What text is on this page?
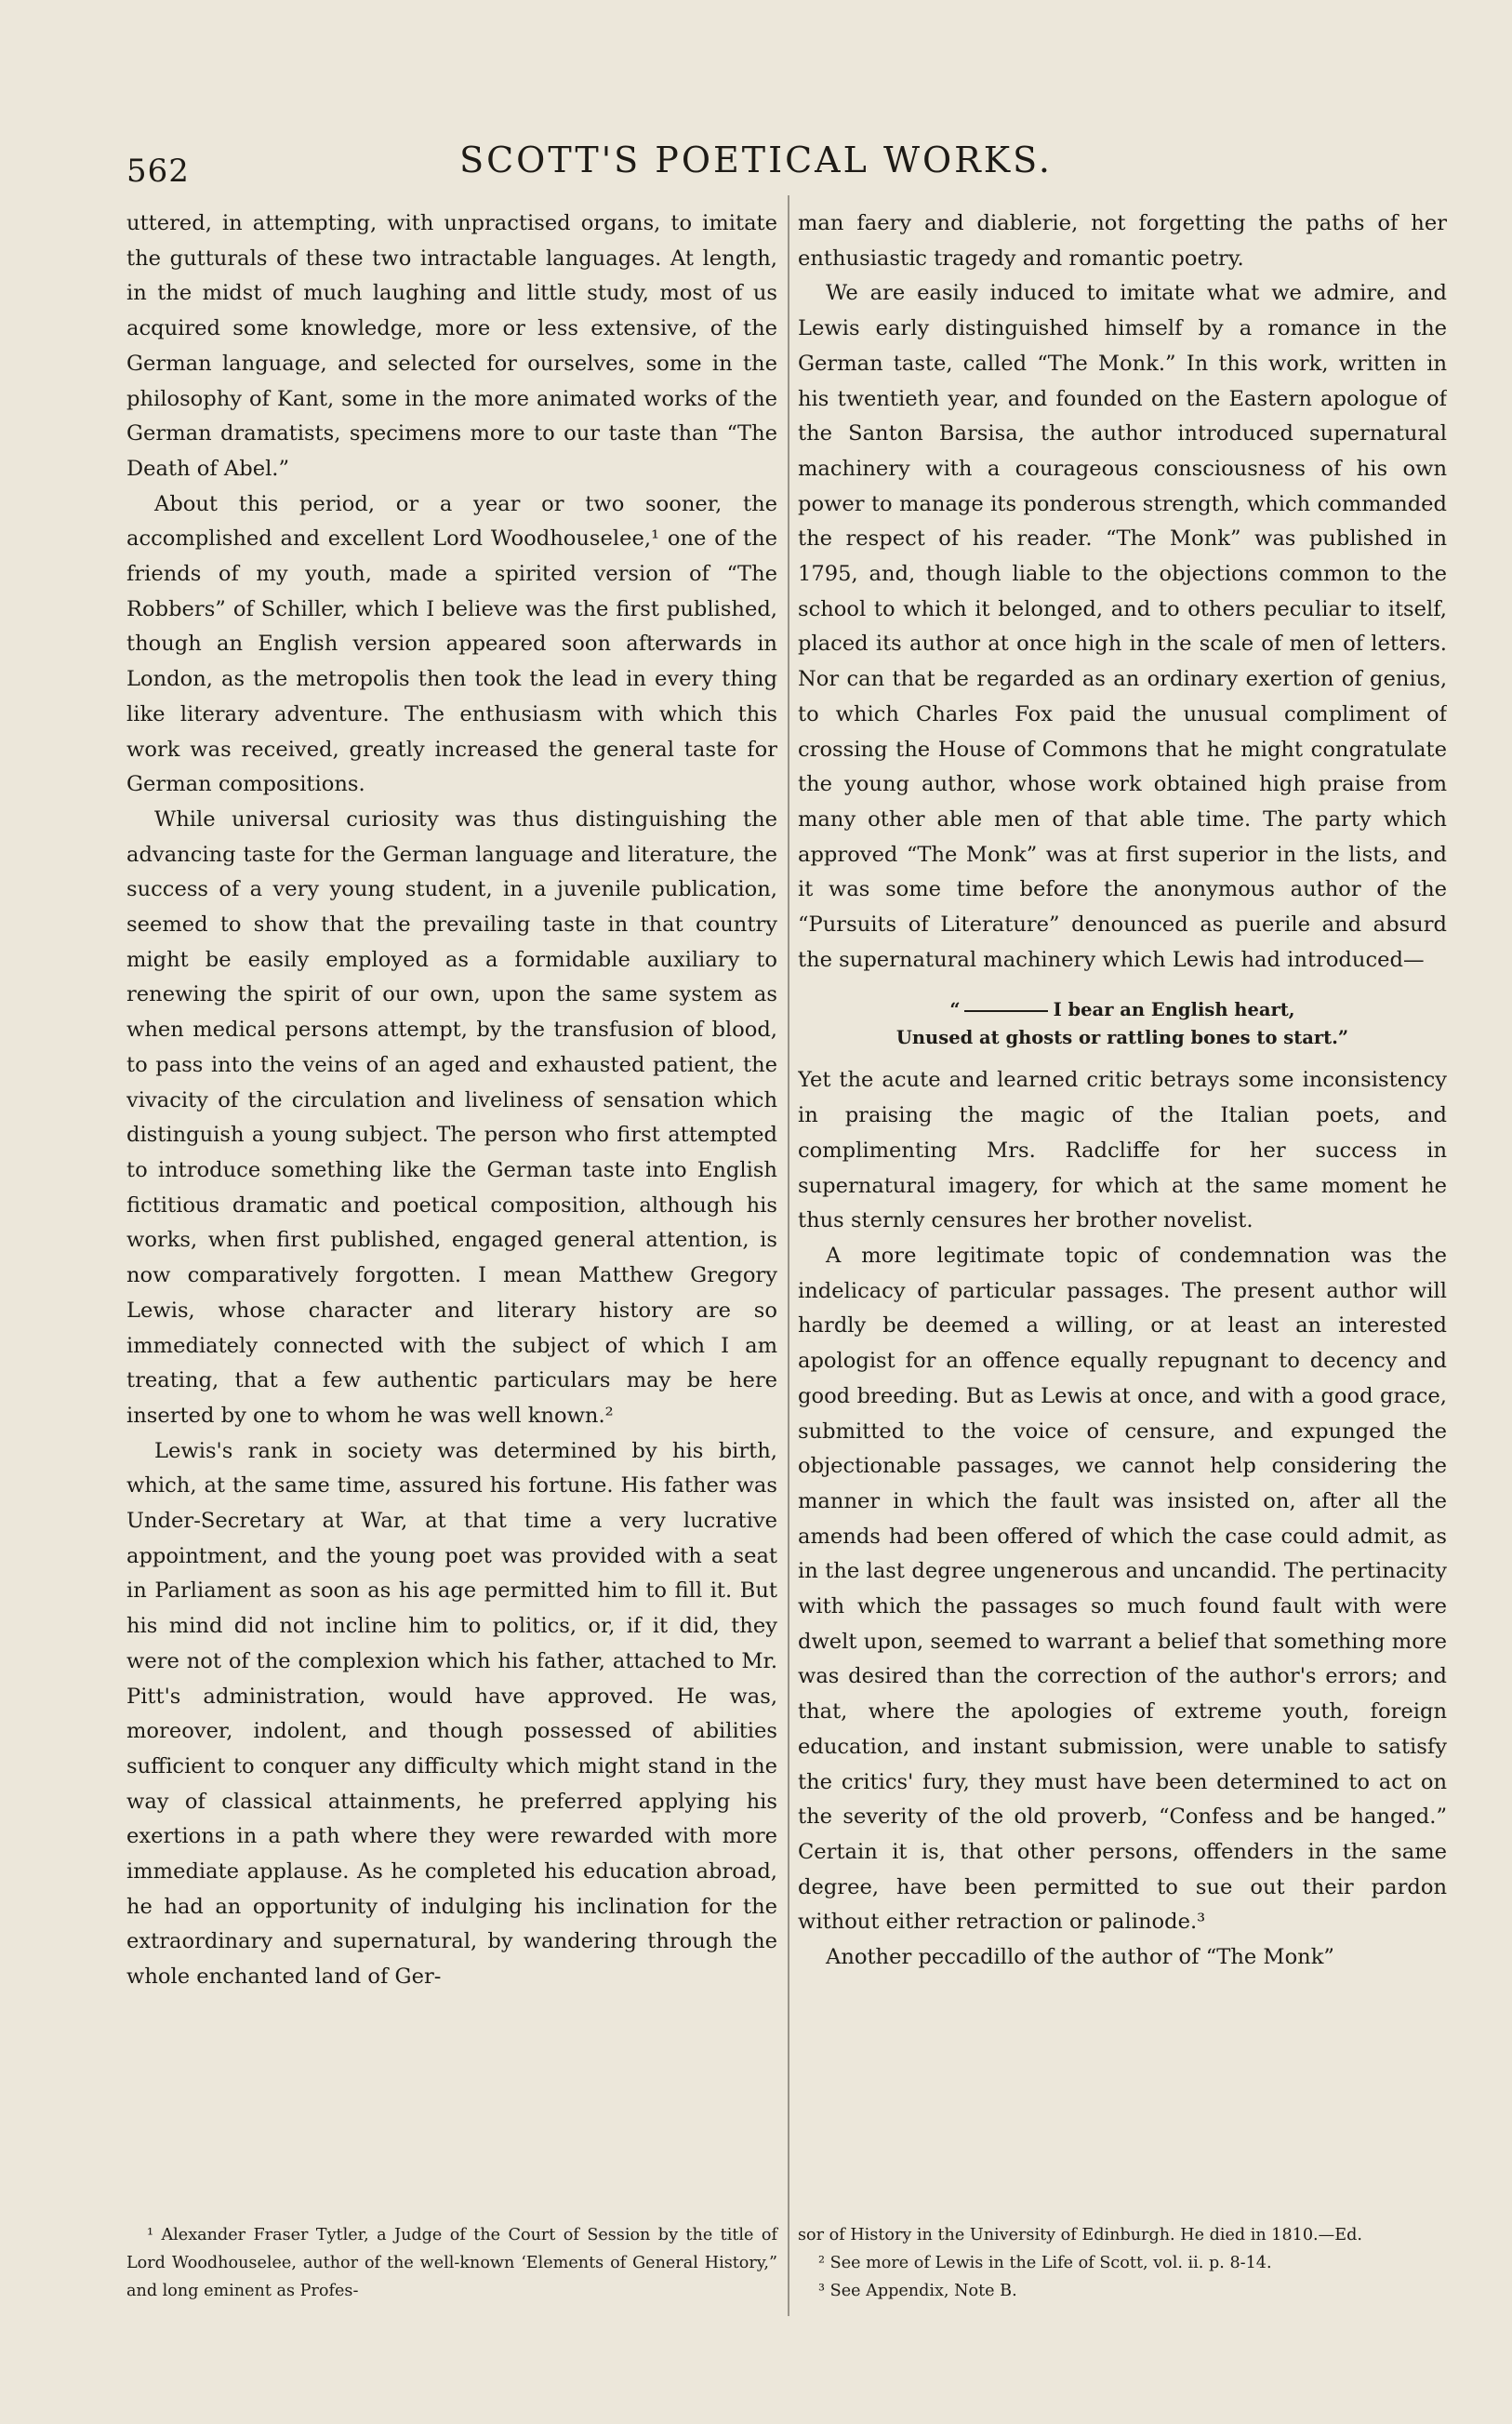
SCOTT'S POETICAL WORKS.
562

uttered, in attempting, with unpractised organs, to imitate the gutturals of these two intractable languages. At length, in the midst of much laughing and little study, most of us acquired some knowledge, more or less extensive, of the German language, and selected for ourselves, some in the philosophy of Kant, some in the more animated works of the German dramatists, specimens more to our taste than “The Death of Abel.”

About this period, or a year or two sooner, the accomplished and excellent Lord Woodhouselee,¹ one of the friends of my youth, made a spirited version of “The Robbers” of Schiller, which I believe was the first published, though an English version appeared soon afterwards in London, as the metropolis then took the lead in every thing like literary adventure. The enthusiasm with which this work was received, greatly increased the general taste for German compositions.

While universal curiosity was thus distinguishing the advancing taste for the German language and literature, the success of a very young student, in a juvenile publication, seemed to show that the prevailing taste in that country might be easily employed as a formidable auxiliary to renewing the spirit of our own, upon the same system as when medical persons attempt, by the transfusion of blood, to pass into the veins of an aged and exhausted patient, the vivacity of the circulation and liveliness of sensation which distinguish a young subject. The person who first attempted to introduce something like the German taste into English fictitious dramatic and poetical composition, although his works, when first published, engaged general attention, is now comparatively forgotten. I mean Matthew Gregory Lewis, whose character and literary history are so immediately connected with the subject of which I am treating, that a few authentic particulars may be here inserted by one to whom he was well known.²

Lewis's rank in society was determined by his birth, which, at the same time, assured his fortune. His father was Under-Secretary at War, at that time a very lucrative appointment, and the young poet was provided with a seat in Parliament as soon as his age permitted him to fill it. But his mind did not incline him to politics, or, if it did, they were not of the complexion which his father, attached to Mr. Pitt's administration, would have approved. He was, moreover, indolent, and though possessed of abilities sufficient to conquer any difficulty which might stand in the way of classical attainments, he preferred applying his exertions in a path where they were rewarded with more immediate applause. As he completed his education abroad, he had an opportunity of indulging his inclination for the extraordinary and supernatural, by wandering through the whole enchanted land of Ger-

man faery and diablerie, not forgetting the paths of her enthusiastic tragedy and romantic poetry.

We are easily induced to imitate what we admire, and Lewis early distinguished himself by a romance in the German taste, called “The Monk.” In this work, written in his twentieth year, and founded on the Eastern apologue of the Santon Barsisa, the author introduced supernatural machinery with a courageous consciousness of his own power to manage its ponderous strength, which commanded the respect of his reader. “The Monk” was published in 1795, and, though liable to the objections common to the school to which it belonged, and to others peculiar to itself, placed its author at once high in the scale of men of letters. Nor can that be regarded as an ordinary exertion of genius, to which Charles Fox paid the unusual compliment of crossing the House of Commons that he might congratulate the young author, whose work obtained high praise from many other able men of that able time. The party which approved “The Monk” was at first superior in the lists, and it was some time before the anonymous author of the “Pursuits of Literature” denounced as puerile and absurd the supernatural machinery which Lewis had introduced—

“	I bear an English heart,
Unused at ghosts or rattling bones to start.”

Yet the acute and learned critic betrays some inconsistency in praising the magic of the Italian poets, and complimenting Mrs. Radcliffe for her success in supernatural imagery, for which at the same moment he thus sternly censures her brother novelist.

A more legitimate topic of condemnation was the indelicacy of particular passages. The present author will hardly be deemed a willing, or at least an interested apologist for an offence equally repugnant to decency and good breeding. But as Lewis at once, and with a good grace, submitted to the voice of censure, and expunged the objectionable passages, we cannot help considering the manner in which the fault was insisted on, after all the amends had been offered of which the case could admit, as in the last degree ungenerous and uncandid. The pertinacity with which the passages so much found fault with were dwelt upon, seemed to warrant a belief that something more was desired than the correction of the author's errors; and that, where the apologies of extreme youth, foreign education, and instant submission, were unable to satisfy the critics' fury, they must have been determined to act on the severity of the old proverb, “Confess and be hanged.” Certain it is, that other persons, offenders in the same degree, have been permitted to sue out their pardon without either retraction or palinode.³

Another peccadillo of the author of “The Monk”

¹ Alexander Fraser Tytler, a Judge of the Court of Session by the title of Lord Woodhouselee, author of the well-known ‘Elements of General History,” and long eminent as Profes-

sor of History in the University of Edinburgh. He died in 1810.—Ed.

² See more of Lewis in the Life of Scott, vol. ii. p. 8-14.

³ See Appendix, Note B.
